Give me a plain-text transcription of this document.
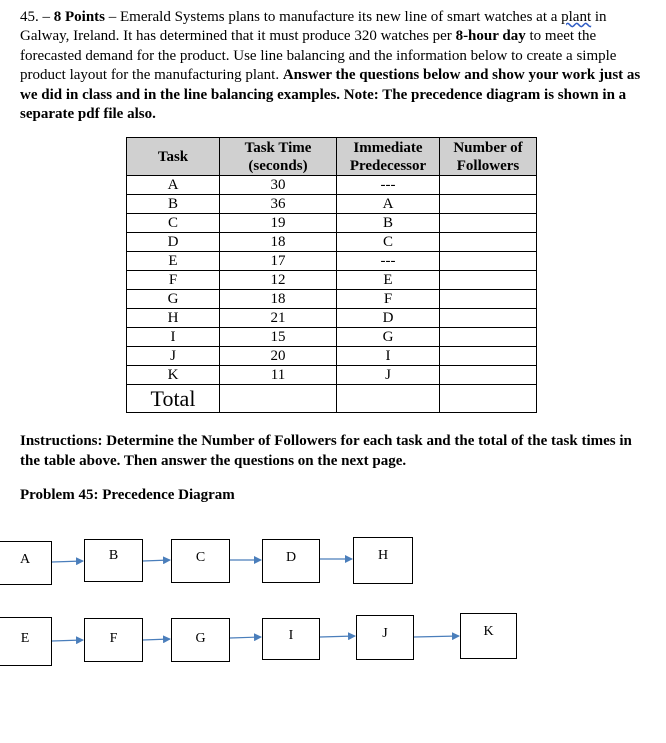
45. – 8 Points – Emerald Systems plans to manufacture its new line of smart watches at a plant in Galway, Ireland. It has determined that it must produce 320 watches per 8-hour day to meet the forecasted demand for the product. Use line balancing and the information below to create a simple product layout for the manufacturing plant. Answer the questions below and show your work just as we did in class and in the line balancing examples. Note: The precedence diagram is shown in a separate pdf file also.
Task	Task Time (seconds)	Immediate Predecessor	Number of Followers
A	30	---	
B	36	A	
C	19	B	
D	18	C	
E	17	---	
F	12	E	
G	18	F	
H	21	D	
I	15	G	
J	20	I	
K	11	J	
Total			
Instructions: Determine the Number of Followers for each task and the total of the task times in the table above. Then answer the questions on the next page.
Problem 45: Precedence Diagram
A	B	C	D	H
E	F	G	I	J	K
